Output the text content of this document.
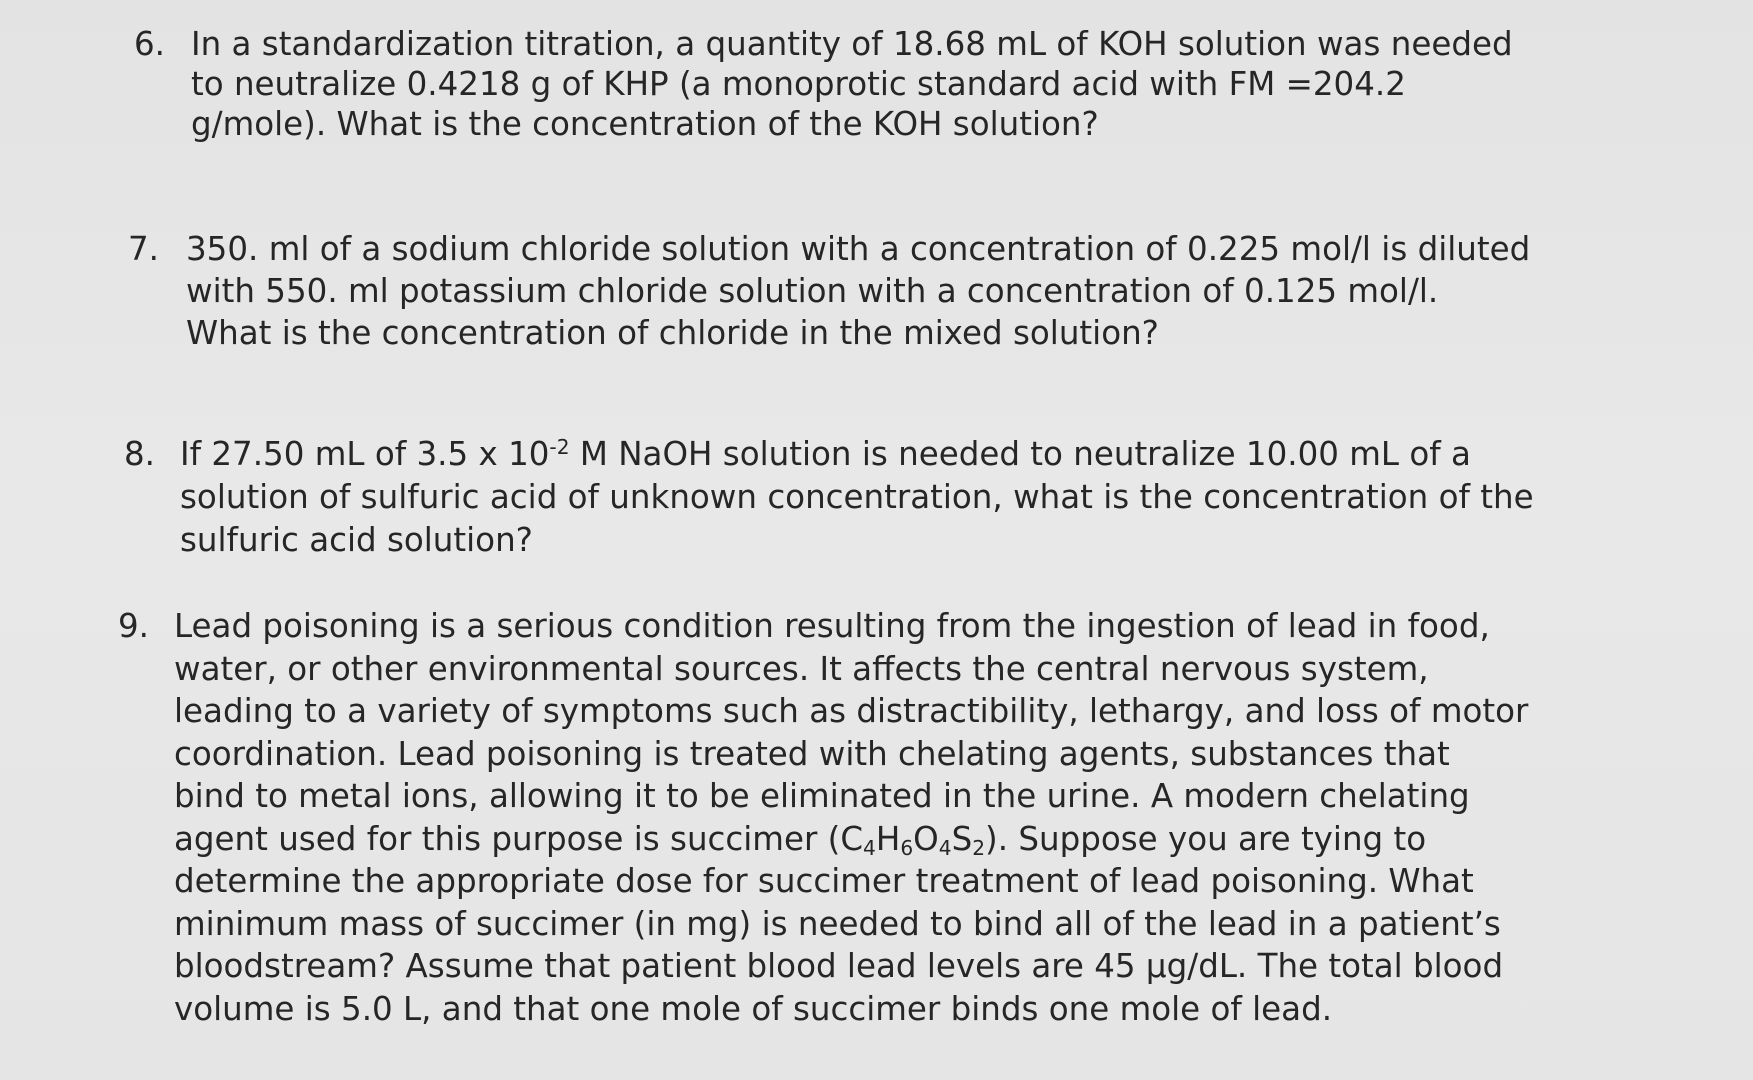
6. In a standardization titration, a quantity of 18.68 mL of KOH solution was needed
to neutralize 0.4218 g of KHP (a monoprotic standard acid with FM =204.2
g/mole). What is the concentration of the KOH solution?
7. 350. ml of a sodium chloride solution with a concentration of 0.225 mol/l is diluted
with 550. ml potassium chloride solution with a concentration of 0.125 mol/l.
What is the concentration of chloride in the mixed solution?
8. If 27.50 mL of 3.5 x $10^{-2}$ M NaOH solution is needed to neutralize 10.00 mL of a
solution of sulfuric acid of unknown concentration, what is the concentration of the
sulfuric acid solution?
9. Lead poisoning is a serious condition resulting from the ingestion of lead in food,
water, or other environmental sources. It affects the central nervous system,
leading to a variety of symptoms such as distractibility, lethargy, and loss of motor
coordination. Lead poisoning is treated with chelating agents, substances that
bind to metal ions, allowing it to be eliminated in the urine. A modern chelating
agent used for this purpose is succimer $(C_4H_6O_4S_2)$. Suppose you are tying to
determine the appropriate dose for succimer treatment of lead poisoning. What
minimum mass of succimer (in mg) is needed to bind all of the lead in a patient’s
bloodstream? Assume that patient blood lead levels are 45 µg/dL. The total blood
volume is 5.0 L, and that one mole of succimer binds one mole of lead.
